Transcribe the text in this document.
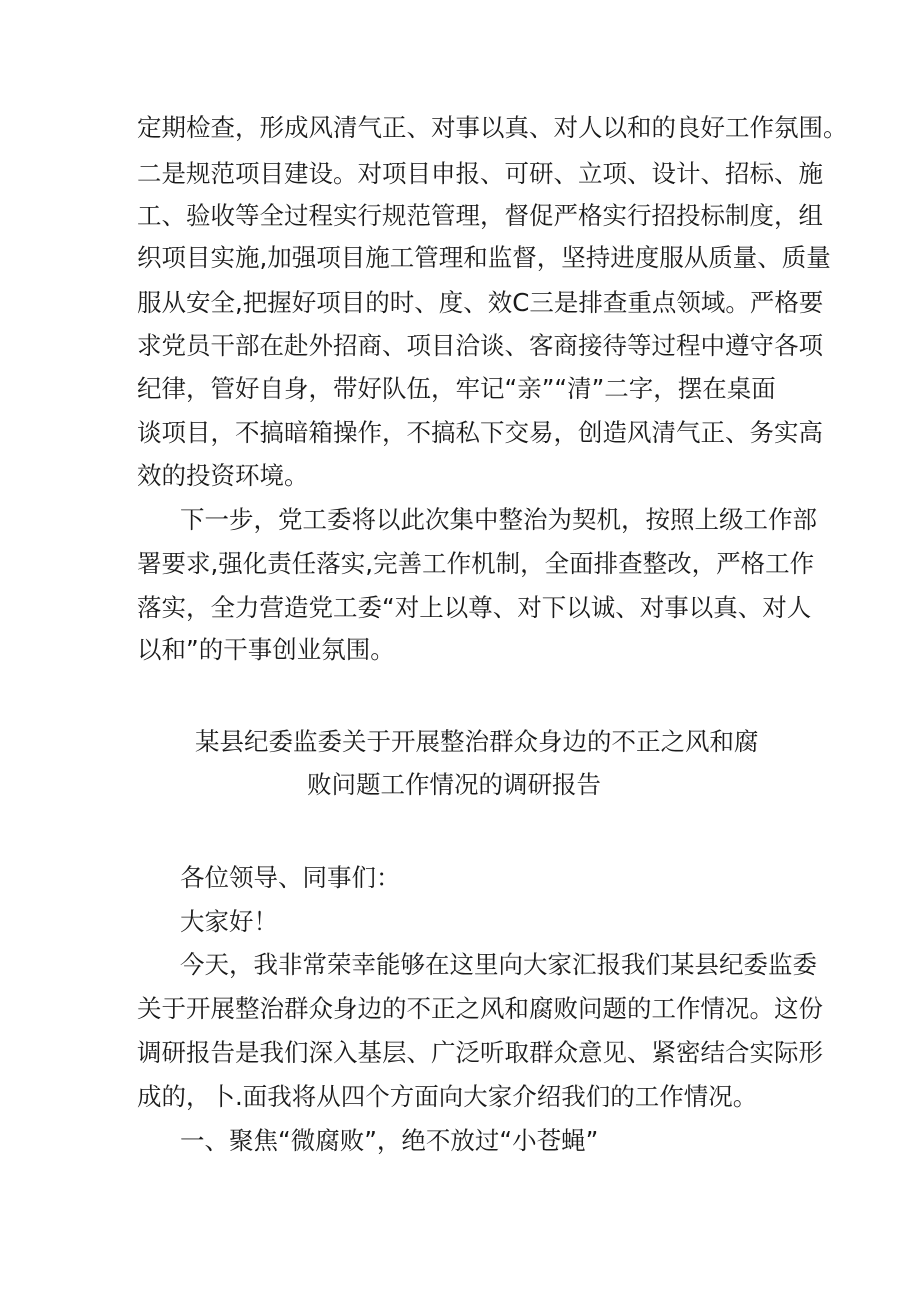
定期检查，形成风清气正、对事以真、对人以和的良好工作氛围。
二是规范项目建设。对项目申报、可研、立项、设计、招标、施
工、验收等全过程实行规范管理，督促严格实行招投标制度，组
织项目实施,加强项目施工管理和监督，坚持进度服从质量、质量
服从安全,把握好项目的时、度、效C三是排查重点领域。严格要
求党员干部在赴外招商、项目洽谈、客商接待等过程中遵守各项
纪律，管好自身，带好队伍，牢记“亲”“清”二字，摆在桌面
谈项目，不搞暗箱操作，不搞私下交易，创造风清气正、务实高
效的投资环境。
下一步，党工委将以此次集中整治为契机，按照上级工作部
署要求,强化责任落实,完善工作机制，全面排查整改，严格工作
落实，全力营造党工委“对上以尊、对下以诚、对事以真、对人
以和”的干事创业氛围。
某县纪委监委关于开展整治群众身边的不正之风和腐
败问题工作情况的调研报告
各位领导、同事们：
大家好！
今天，我非常荣幸能够在这里向大家汇报我们某县纪委监委
关于开展整治群众身边的不正之风和腐败问题的工作情况。这份
调研报告是我们深入基层、广泛听取群众意见、紧密结合实际形
成的，卜.面我将从四个方面向大家介绍我们的工作情况。
一、聚焦“微腐败”，绝不放过“小苍蝇”
